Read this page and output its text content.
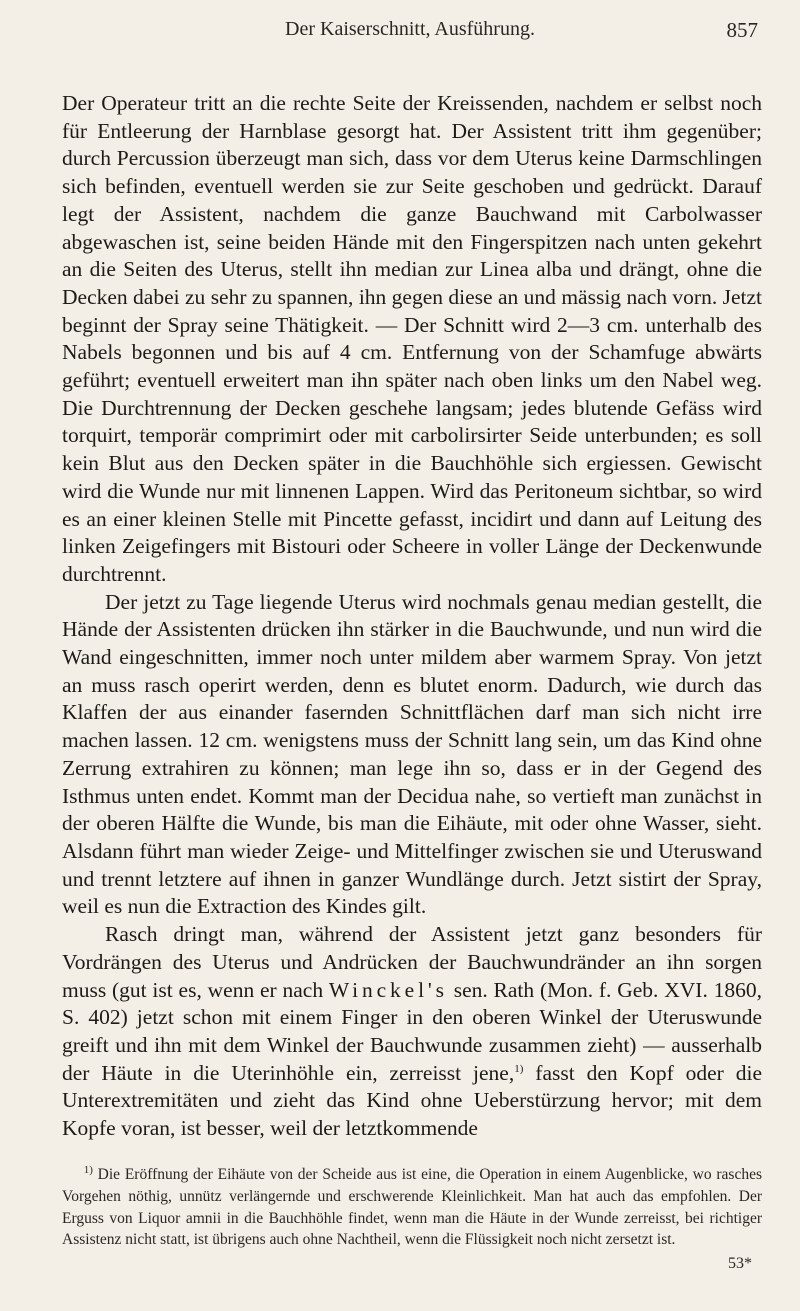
Der Kaiserschnitt, Ausführung.	857

Der Operateur tritt an die rechte Seite der Kreissenden, nachdem er selbst noch für Entleerung der Harnblase gesorgt hat. Der Assistent tritt ihm gegenüber; durch Percussion überzeugt man sich, dass vor dem Uterus keine Darmschlingen sich befinden, eventuell werden sie zur Seite geschoben und gedrückt. Darauf legt der Assistent, nachdem die ganze Bauchwand mit Carbolwasser abgewaschen ist, seine beiden Hände mit den Fingerspitzen nach unten gekehrt an die Seiten des Uterus, stellt ihn median zur Linea alba und drängt, ohne die Decken dabei zu sehr zu spannen, ihn gegen diese an und mässig nach vorn. Jetzt beginnt der Spray seine Thätigkeit. — Der Schnitt wird 2—3 cm. unterhalb des Nabels begonnen und bis auf 4 cm. Entfernung von der Schamfuge abwärts geführt; eventuell erweitert man ihn später nach oben links um den Nabel weg. Die Durchtrennung der Decken geschehe langsam; jedes blutende Gefäss wird torquirt, temporär comprimirt oder mit carbolirsirter Seide unterbunden; es soll kein Blut aus den Decken später in die Bauchhöhle sich ergiessen. Gewischt wird die Wunde nur mit linnenen Lappen. Wird das Peritoneum sichtbar, so wird es an einer kleinen Stelle mit Pincette gefasst, incidirt und dann auf Leitung des linken Zeigefingers mit Bistouri oder Scheere in voller Länge der Deckenwunde durchtrennt.

Der jetzt zu Tage liegende Uterus wird nochmals genau median gestellt, die Hände der Assistenten drücken ihn stärker in die Bauchwunde, und nun wird die Wand eingeschnitten, immer noch unter mildem aber warmem Spray. Von jetzt an muss rasch operirt werden, denn es blutet enorm. Dadurch, wie durch das Klaffen der aus einander fasernden Schnittflächen darf man sich nicht irre machen lassen. 12 cm. wenigstens muss der Schnitt lang sein, um das Kind ohne Zerrung extrahiren zu können; man lege ihn so, dass er in der Gegend des Isthmus unten endet. Kommt man der Decidua nahe, so vertieft man zunächst in der oberen Hälfte die Wunde, bis man die Eihäute, mit oder ohne Wasser, sieht. Alsdann führt man wieder Zeige- und Mittelfinger zwischen sie und Uteruswand und trennt letztere auf ihnen in ganzer Wundlänge durch. Jetzt sistirt der Spray, weil es nun die Extraction des Kindes gilt.

Rasch dringt man, während der Assistent jetzt ganz besonders für Vordrängen des Uterus und Andrücken der Bauchwundränder an ihn sorgen muss (gut ist es, wenn er nach Winckel's sen. Rath (Mon. f. Geb. XVI. 1860, S. 402) jetzt schon mit einem Finger in den oberen Winkel der Uteruswunde greift und ihn mit dem Winkel der Bauchwunde zusammen zieht) — ausserhalb der Häute in die Uterinhöhle ein, zerreisst jene,$^{1)}$ fasst den Kopf oder die Unterextremitäten und zieht das Kind ohne Ueberstürzung hervor; mit dem Kopfe voran, ist besser, weil der letztkommende

$^{1)}$ Die Eröffnung der Eihäute von der Scheide aus ist eine, die Operation in einem Augenblicke, wo rasches Vorgehen nöthig, unnütz verlängernde und erschwerende Kleinlichkeit. Man hat auch das empfohlen. Der Erguss von Liquor amnii in die Bauchhöhle findet, wenn man die Häute in der Wunde zerreisst, bei richtiger Assistenz nicht statt, ist übrigens auch ohne Nachtheil, wenn die Flüssigkeit noch nicht zersetzt ist.

53*
